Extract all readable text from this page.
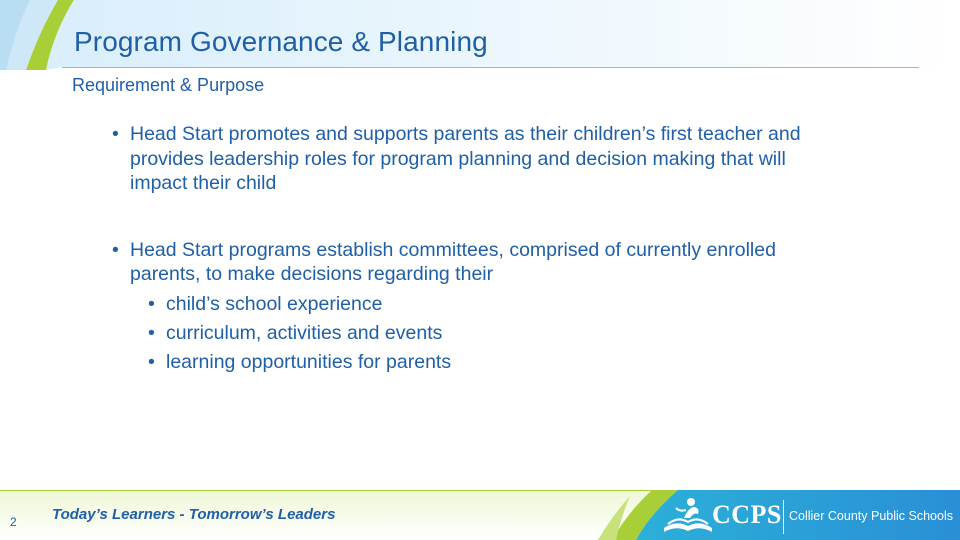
Program Governance & Planning
Requirement & Purpose
• Head Start promotes and supports parents as their children’s first teacher and provides leadership roles for program planning and decision making that will impact their child
• Head Start programs establish committees, comprised of currently enrolled parents, to make decisions regarding their
• child’s school experience
• curriculum, activities and events
• learning opportunities for parents
2 Today’s Learners - Tomorrow’s Leaders	CCPS Collier County Public Schools
